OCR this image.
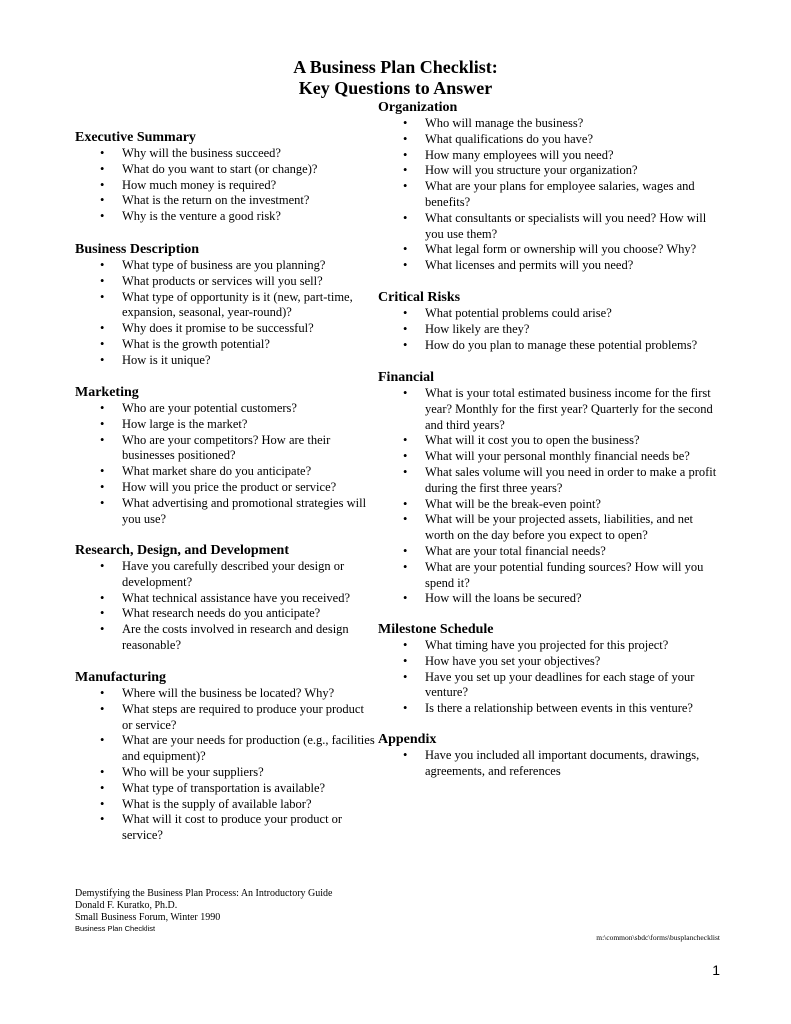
A Business Plan Checklist:
Key Questions to Answer
Executive Summary
• Why will the business succeed?
• What do you want to start (or change)?
• How much money is required?
• What is the return on the investment?
• Why is the venture a good risk?
Business Description
• What type of business are you planning?
• What products or services will you sell?
• What type of opportunity is it (new, part-time, expansion, seasonal, year-round)?
• Why does it promise to be successful?
• What is the growth potential?
• How is it unique?
Marketing
• Who are your potential customers?
• How large is the market?
• Who are your competitors? How are their businesses positioned?
• What market share do you anticipate?
• How will you price the product or service?
• What advertising and promotional strategies will you use?
Research, Design, and Development
• Have you carefully described your design or development?
• What technical assistance have you received?
• What research needs do you anticipate?
• Are the costs involved in research and design reasonable?
Manufacturing
• Where will the business be located? Why?
• What steps are required to produce your product or service?
• What are your needs for production (e.g., facilities and equipment)?
• Who will be your suppliers?
• What type of transportation is available?
• What is the supply of available labor?
• What will it cost to produce your product or service?
Organization
• Who will manage the business?
• What qualifications do you have?
• How many employees will you need?
• How will you structure your organization?
• What are your plans for employee salaries, wages and benefits?
• What consultants or specialists will you need? How will you use them?
• What legal form or ownership will you choose? Why?
• What licenses and permits will you need?
Critical Risks
• What potential problems could arise?
• How likely are they?
• How do you plan to manage these potential problems?
Financial
• What is your total estimated business income for the first year? Monthly for the first year? Quarterly for the second and third years?
• What will it cost you to open the business?
• What will your personal monthly financial needs be?
• What sales volume will you need in order to make a profit during the first three years?
• What will be the break-even point?
• What will be your projected assets, liabilities, and net worth on the day before you expect to open?
• What are your total financial needs?
• What are your potential funding sources? How will you spend it?
• How will the loans be secured?
Milestone Schedule
• What timing have you projected for this project?
• How have you set your objectives?
• Have you set up your deadlines for each stage of your venture?
• Is there a relationship between events in this venture?
Appendix
• Have you included all important documents, drawings, agreements, and references
Demystifying the Business Plan Process: An Introductory Guide
Donald F. Kuratko, Ph.D.
Small Business Forum, Winter 1990
Business Plan Checklist
m:\common\sbdc\forms\busplanchecklist
1
